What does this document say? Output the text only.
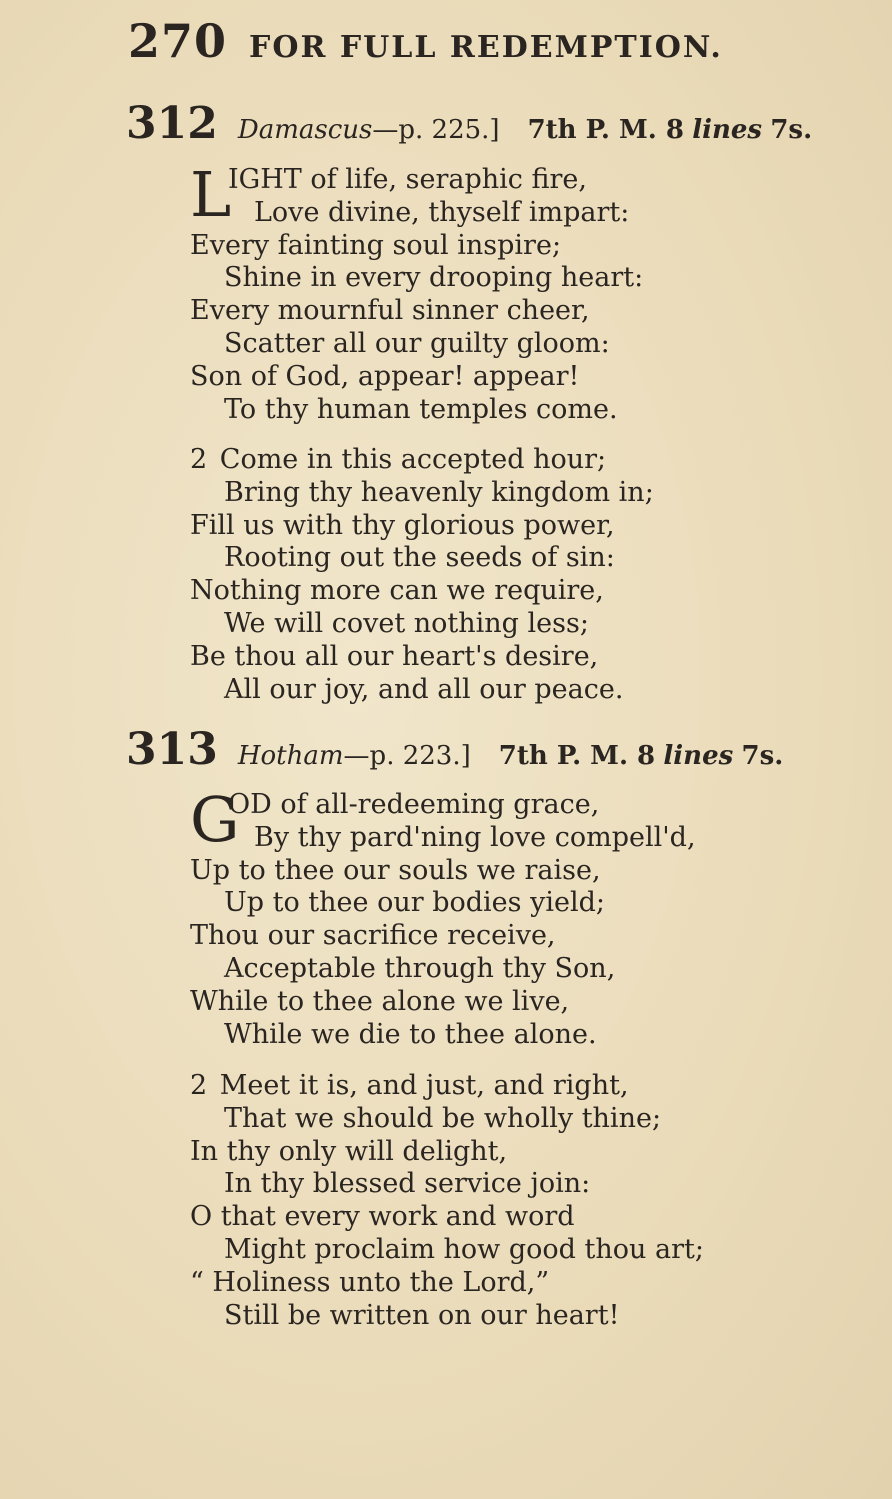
270 FOR FULL REDEMPTION.
312 Damascus—p. 225.] 7th P. M. 8 lines 7s.
L
IGHT of life, seraphic fire,
Love divine, thyself impart:
Every fainting soul inspire;
Shine in every drooping heart:
Every mournful sinner cheer,
Scatter all our guilty gloom:
Son of God, appear! appear!
To thy human temples come.
2 Come in this accepted hour;
Bring thy heavenly kingdom in;
Fill us with thy glorious power,
Rooting out the seeds of sin:
Nothing more can we require,
We will covet nothing less;
Be thou all our heart's desire,
All our joy, and all our peace.
313 Hotham—p. 223.] 7th P. M. 8 lines 7s.
G
OD of all-redeeming grace,
By thy pard'ning love compell'd,
Up to thee our souls we raise,
Up to thee our bodies yield;
Thou our sacrifice receive,
Acceptable through thy Son,
While to thee alone we live,
While we die to thee alone.
2 Meet it is, and just, and right,
That we should be wholly thine;
In thy only will delight,
In thy blessed service join:
O that every work and word
Might proclaim how good thou art;
“ Holiness unto the Lord,”
Still be written on our heart!
